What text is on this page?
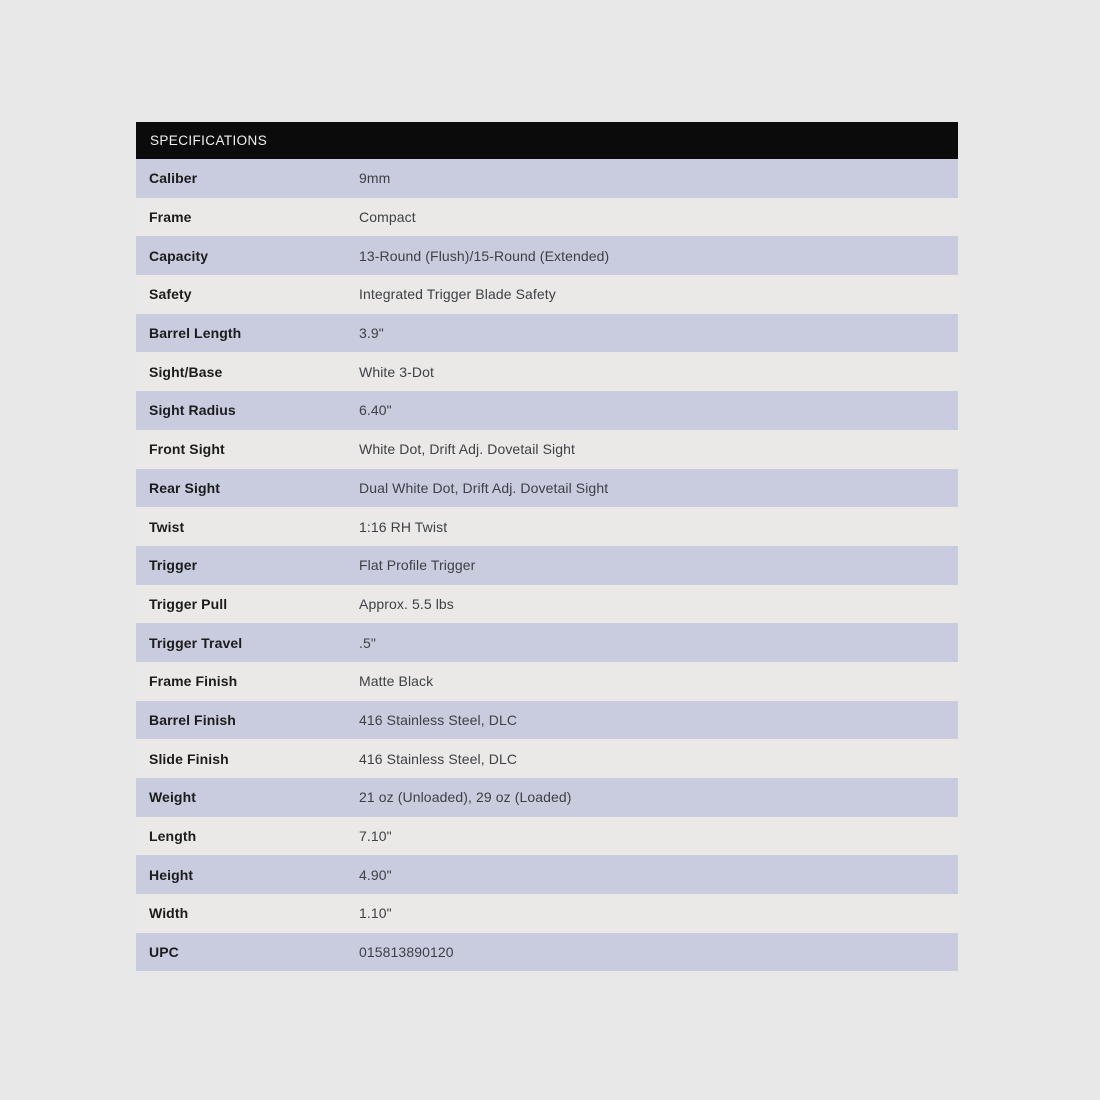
SPECIFICATIONS
Caliber	9mm
Frame	Compact
Capacity	13-Round (Flush)/15-Round (Extended)
Safety	Integrated Trigger Blade Safety
Barrel Length	3.9"
Sight/Base	White 3-Dot
Sight Radius	6.40"
Front Sight	White Dot, Drift Adj. Dovetail Sight
Rear Sight	Dual White Dot, Drift Adj. Dovetail Sight
Twist	1:16 RH Twist
Trigger	Flat Profile Trigger
Trigger Pull	Approx. 5.5 lbs
Trigger Travel	.5"
Frame Finish	Matte Black
Barrel Finish	416 Stainless Steel, DLC
Slide Finish	416 Stainless Steel, DLC
Weight	21 oz (Unloaded), 29 oz (Loaded)
Length	7.10"
Height	4.90"
Width	1.10"
UPC	015813890120
